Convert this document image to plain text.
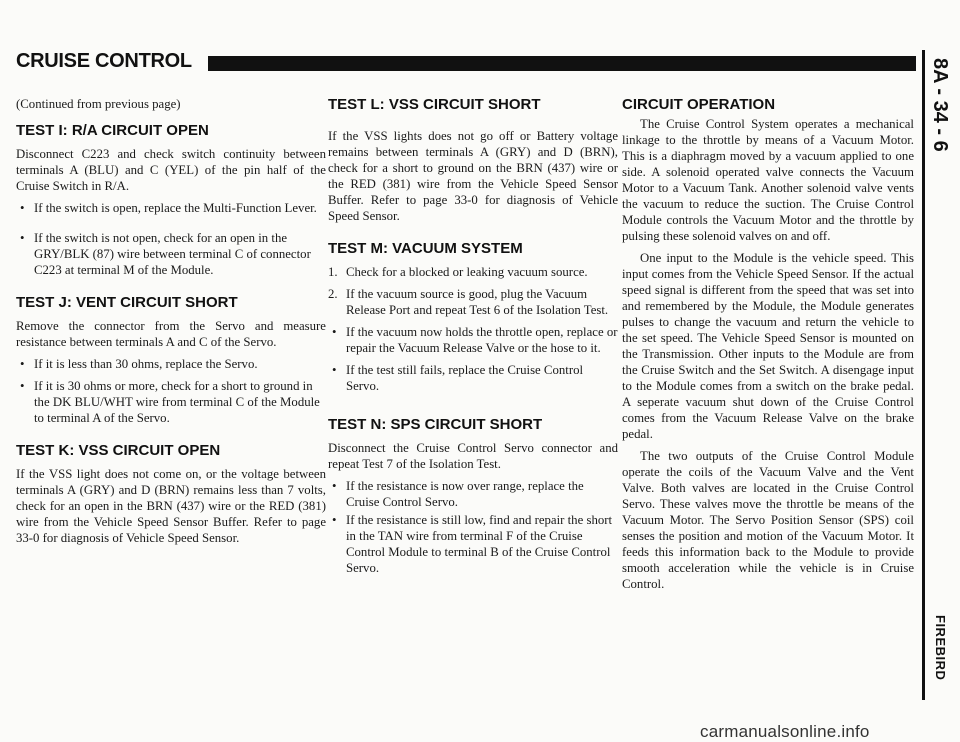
CRUISE CONTROL	8A - 34 - 6
FIREBIRD

(Continued from previous page)

TEST I: R/A CIRCUIT OPEN

Disconnect C223 and check switch continuity between terminals A (BLU) and C (YEL) of the pin half of the Cruise Switch in R/A.

• If the switch is open, replace the Multi-Function Lever.
• If the switch is not open, check for an open in the GRY/BLK (87) wire between terminal C of connector C223 at terminal M of the Module.
TEST J: VENT CIRCUIT SHORT

Remove the connector from the Servo and measure resistance between terminals A and C of the Servo.

• If it is less than 30 ohms, replace the Servo.
• If it is 30 ohms or more, check for a short to ground in the DK BLU/WHT wire from terminal C of the Module to terminal A of the Servo.
TEST K: VSS CIRCUIT OPEN

If the VSS light does not come on, or the voltage between terminals A (GRY) and D (BRN) remains less than 7 volts, check for an open in the BRN (437) wire or the RED (381) wire from the Vehicle Speed Sensor Buffer. Refer to page 33-0 for diagnosis of Vehicle Speed Sensor.

TEST L: VSS CIRCUIT SHORT

If the VSS lights does not go off or Battery voltage remains between terminals A (GRY) and D (BRN), check for a short to ground on the BRN (437) wire or the RED (381) wire from the Vehicle Speed Sensor Buffer. Refer to page 33-0 for diagnosis of Vehicle Speed Sensor.

TEST M: VACUUM SYSTEM
1. Check for a blocked or leaking vacuum source.
2. If the vacuum source is good, plug the Vacuum Release Port and repeat Test 6 of the Isolation Test.
• If the vacuum now holds the throttle open, replace or repair the Vacuum Release Valve or the hose to it.
• If the test still fails, replace the Cruise Control Servo.
TEST N: SPS CIRCUIT SHORT

Disconnect the Cruise Control Servo connector and repeat Test 7 of the Isolation Test.

• If the resistance is now over range, replace the Cruise Control Servo.
• If the resistance is still low, find and repair the short in the TAN wire from terminal F of the Cruise Control Module to terminal B of the Cruise Control Servo.
CIRCUIT OPERATION

The Cruise Control System operates a mechanical linkage to the throttle by means of a Vacuum Motor. This is a diaphragm moved by a vacuum applied to one side. A solenoid operated valve connects the Vacuum Motor to a Vacuum Tank. Another solenoid valve vents the vacuum to reduce the suction. The Cruise Control Module controls the Vacuum Motor and the throttle by pulsing these solenoid valves on and off.

One input to the Module is the vehicle speed. This input comes from the Vehicle Speed Sensor. If the actual speed signal is different from the speed that was set into and remembered by the Module, the Module generates pulses to change the vacuum and return the vehicle to the set speed. The Vehicle Speed Sensor is mounted on the Transmission. Other inputs to the Module are from the Cruise Switch and the Set Switch. A disengage input to the Module comes from a switch on the brake pedal. A seperate vacuum shut down of the Cruise Control comes from the Vacuum Release Valve on the brake pedal.

The two outputs of the Cruise Control Module operate the coils of the Vacuum Valve and the Vent Valve. Both valves are located in the Cruise Control Servo. These valves move the throttle be means of the Vacuum Motor. The Servo Position Sensor (SPS) coil senses the position and motion of the Vacuum Motor. It feeds this information back to the Module to provide smooth acceleration while the vehicle is in Cruise Control.

carmanualsonline.info
